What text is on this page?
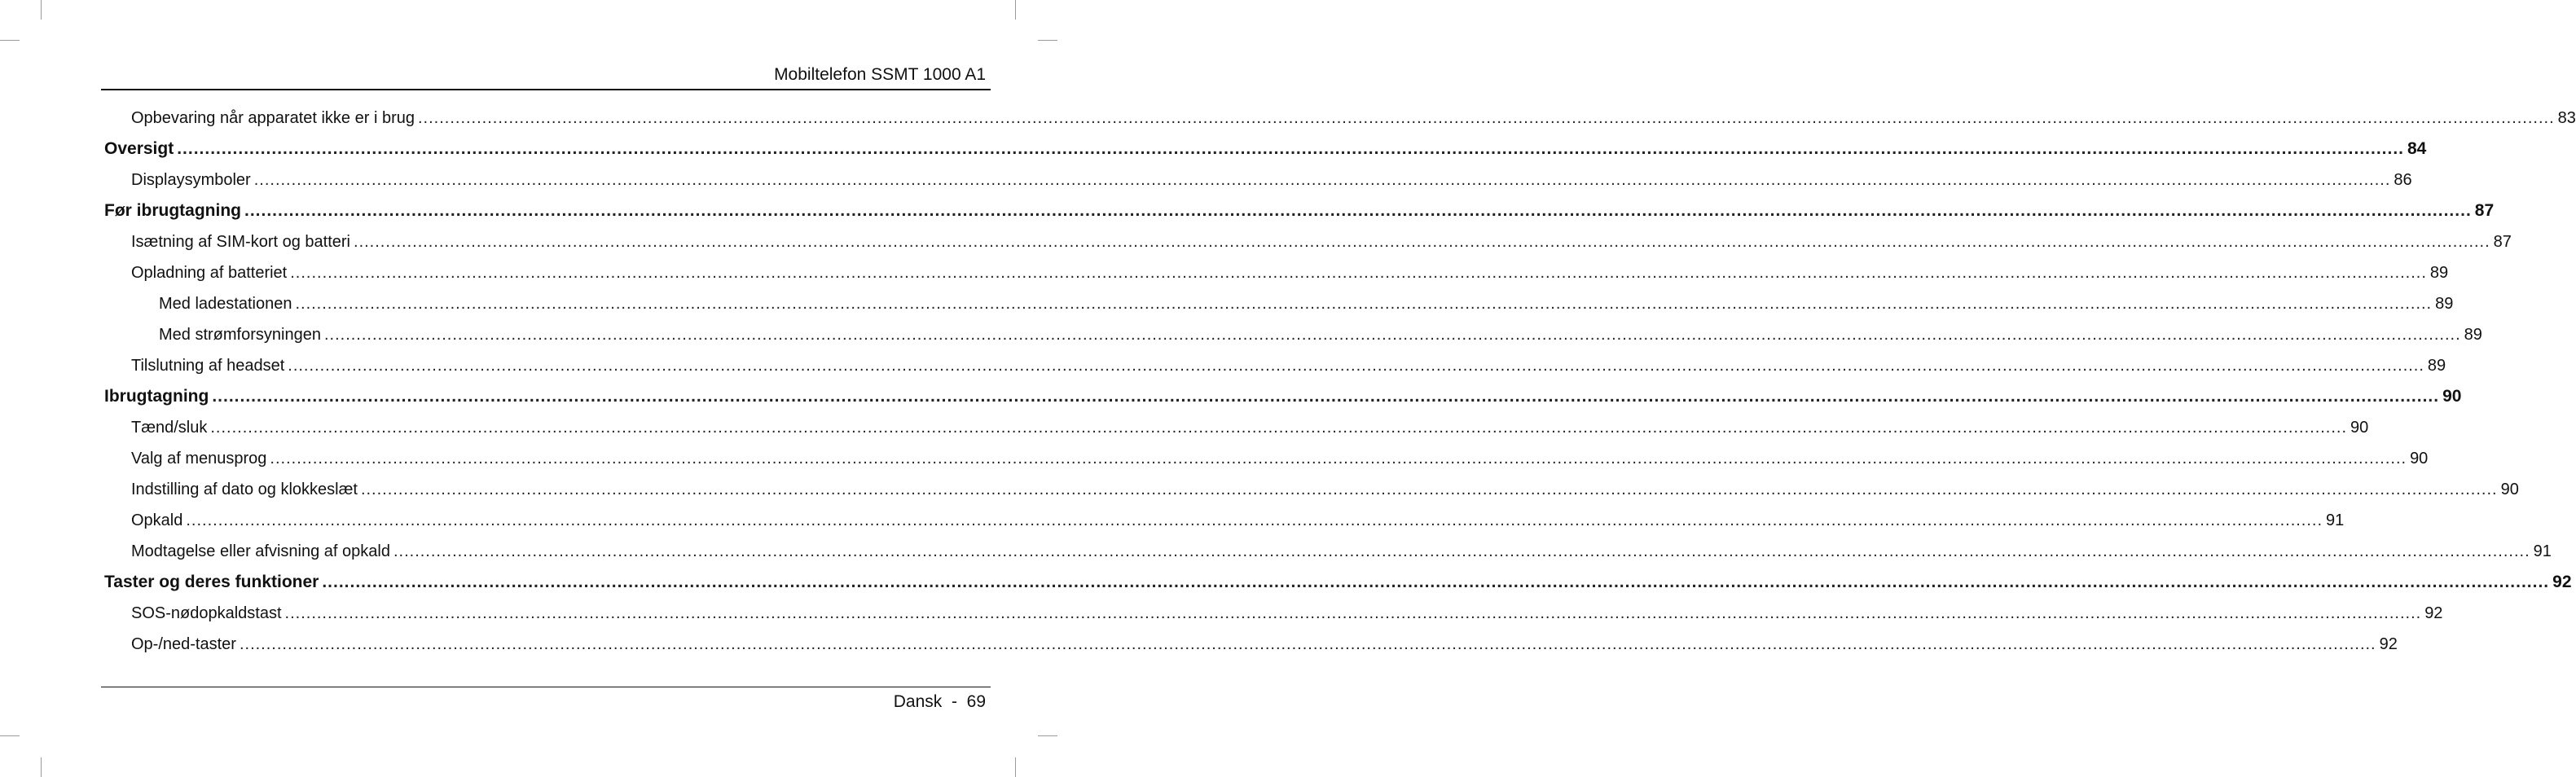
Mobiltelefon SSMT 1000 A1
Opbevaring når apparatet ikke er i brug ................................................................................................................................................................................................................................................................................................................................................................................................................ 83
Oversigt ................................................................................................................................................................................................................................................................................................................................................................................................................ 84
Displaysymboler ................................................................................................................................................................................................................................................................................................................................................................................................................ 86
Før ibrugtagning ................................................................................................................................................................................................................................................................................................................................................................................................................ 87
Isætning af SIM-kort og batteri ................................................................................................................................................................................................................................................................................................................................................................................................................ 87
Opladning af batteriet ................................................................................................................................................................................................................................................................................................................................................................................................................ 89
Med ladestationen ................................................................................................................................................................................................................................................................................................................................................................................................................ 89
Med strømforsyningen ................................................................................................................................................................................................................................................................................................................................................................................................................ 89
Tilslutning af headset ................................................................................................................................................................................................................................................................................................................................................................................................................ 89
Ibrugtagning ................................................................................................................................................................................................................................................................................................................................................................................................................ 90
Tænd/sluk ................................................................................................................................................................................................................................................................................................................................................................................................................ 90
Valg af menusprog ................................................................................................................................................................................................................................................................................................................................................................................................................ 90
Indstilling af dato og klokkeslæt ................................................................................................................................................................................................................................................................................................................................................................................................................ 90
Opkald ................................................................................................................................................................................................................................................................................................................................................................................................................ 91
Modtagelse eller afvisning af opkald ................................................................................................................................................................................................................................................................................................................................................................................................................ 91
Taster og deres funktioner ................................................................................................................................................................................................................................................................................................................................................................................................................ 92
SOS-nødopkaldstast ................................................................................................................................................................................................................................................................................................................................................................................................................ 92
Op-/ned-taster ................................................................................................................................................................................................................................................................................................................................................................................................................ 92
Dansk - 69
